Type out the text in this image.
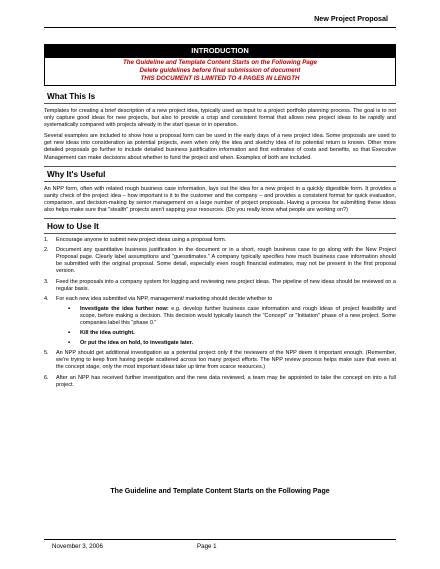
New Project Proposal
INTRODUCTION
The Guideline and Template Content Starts on the Following Page
Delete guidelines before final submission of document
THIS DOCUMENT IS LIMITED TO 4 PAGES IN LENGTH
What This Is

Templates for creating a brief description of a new project idea, typically used as input to a project portfolio planning process. The goal is to not only capture good ideas for new projects, but also to provide a crisp and consistent format that allows new project ideas to be rapidly and systematically compared with projects already in the start queue or in operation.

Several examples are included to show how a proposal form can be used in the early days of a new project idea. Some proposals are used to get new ideas into consideration as potential projects, even when only the idea and sketchy idea of its potential return is known. Other more detailed proposals go further to include detailed business justification information and first estimates of costs and benefits, so that Executive Management can make decisions about whether to fund the project and when. Examples of both are included.

Why It's Useful

An NPP form, often with related rough business case information, lays out the idea for a new project in a quickly digestible form. It provides a sanity check of the project idea – how important is it to the customer and the company – and provides a consistent format for quick evaluation, comparison, and decision-making by senior management on a large number of project proposals. Having a process for submitting these ideas also helps make sure that "stealth" projects aren't sapping your resources. (Do you really know what people are working on?)

How to Use It
1.	Encourage anyone to submit new project ideas using a proposal form.
2.	Document any quantitative business justification in the document or in a short, rough business case to go along with the New Project Proposal page. Clearly label assumptions and "guesstimates." A company typically specifies how much business case information should be submitted with the original proposal. Some detail, especially even rough financial estimates, may not be present in the first proposal version.
3.	Feed the proposals into a company system for logging and reviewing new project ideas. The pipeline of new ideas should be reviewed on a regular basis.
4.	For each new idea submitted via NPP, management/ marketing should decide whether to
▪	Investigate the idea further now: e.g. develop further business case information and rough ideas of project feasibility and scope, before making a decision. This decision would typically launch the "Concept" or "Initiation" phase of a new project. Some companies label this "phase 0."
▪	Kill the idea outright.
▪	Or put the idea on hold, to investigate later.
5.	An NPP should get additional investigation as a potential project only if the reviewers of the NPP deem it important enough. (Remember, we're trying to keep from having people scattered across too many project efforts. The NPP review process helps make sure that even at the concept stage, only the most important ideas take up time from scarce resources.)
6.	After an NPP has received further investigation and the new data reviewed, a team may be appointed to take the concept on into a full project.
The Guideline and Template Content Starts on the Following Page
November 3, 2006	Page 1
